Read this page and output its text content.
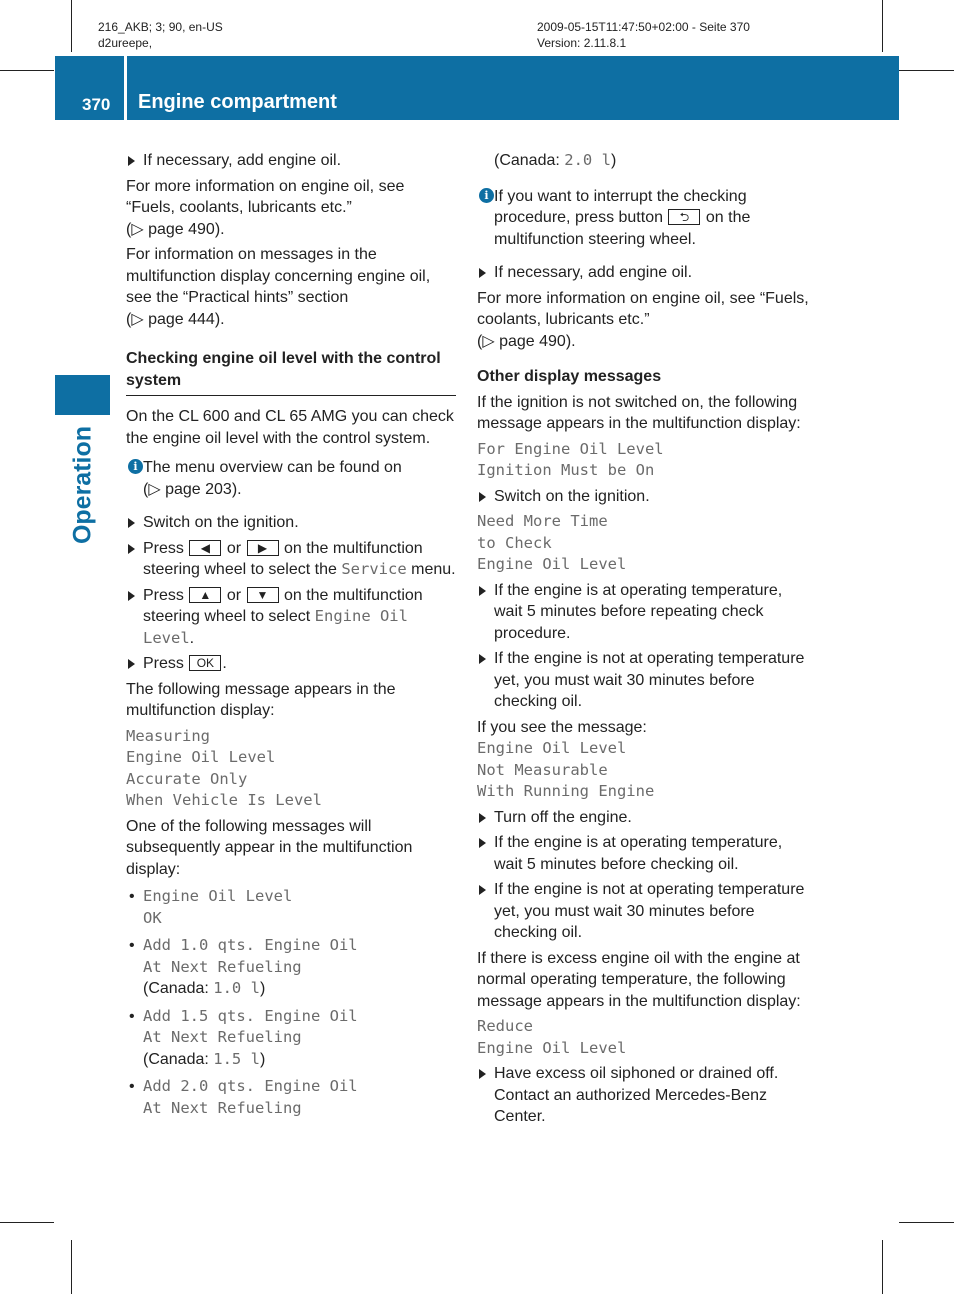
216_AKB; 3; 90, en-US
d2ureepe,
2009-05-15T11:47:50+02:00 - Seite 370
Version: 2.11.8.1
370 Engine compartment
Operation
If necessary, add engine oil.

For more information on engine oil, see “Fuels, coolants, lubricants etc.”
(▷ page 490).

For information on messages in the multifunction display concerning engine oil, see the “Practical hints” section
(▷ page 444).

Checking engine oil level with the control system

On the CL 600 and CL 65 AMG you can check the engine oil level with the control system.

i The menu overview can be found on
(▷ page 203).
Switch on the ignition.
Press ◀ or ▶ on the multifunction steering wheel to select the Service menu.
Press ▲ or ▼ on the multifunction steering wheel to select Engine Oil Level.
Press OK .

The following message appears in the multifunction display:

Measuring
Engine Oil Level
Accurate Only
When Vehicle Is Level

One of the following messages will subsequently appear in the multifunction display:

• Engine Oil Level
OK
• Add 1.0 qts. Engine Oil
At Next Refueling
(Canada: 1.0 l)
• Add 1.5 qts. Engine Oil
At Next Refueling
(Canada: 1.5 l)
• Add 2.0 qts. Engine Oil
At Next Refueling
(Canada: 2.0 l)
i If you want to interrupt the checking procedure, press button ⮌ on the multifunction steering wheel.
If necessary, add engine oil.

For more information on engine oil, see “Fuels, coolants, lubricants etc.”
(▷ page 490).

Other display messages

If the ignition is not switched on, the following message appears in the multifunction display:

For Engine Oil Level
Ignition Must be On
Switch on the ignition.
Need More Time
to Check
Engine Oil Level
If the engine is at operating temperature, wait 5 minutes before repeating check procedure.
If the engine is not at operating temperature yet, you must wait 30 minutes before checking oil.

If you see the message:

Engine Oil Level
Not Measurable
With Running Engine
Turn off the engine.
If the engine is at operating temperature, wait 5 minutes before checking oil.
If the engine is not at operating temperature yet, you must wait 30 minutes before checking oil.

If there is excess engine oil with the engine at normal operating temperature, the following message appears in the multifunction display:

Reduce
Engine Oil Level
Have excess oil siphoned or drained off. Contact an authorized Mercedes-Benz Center.
